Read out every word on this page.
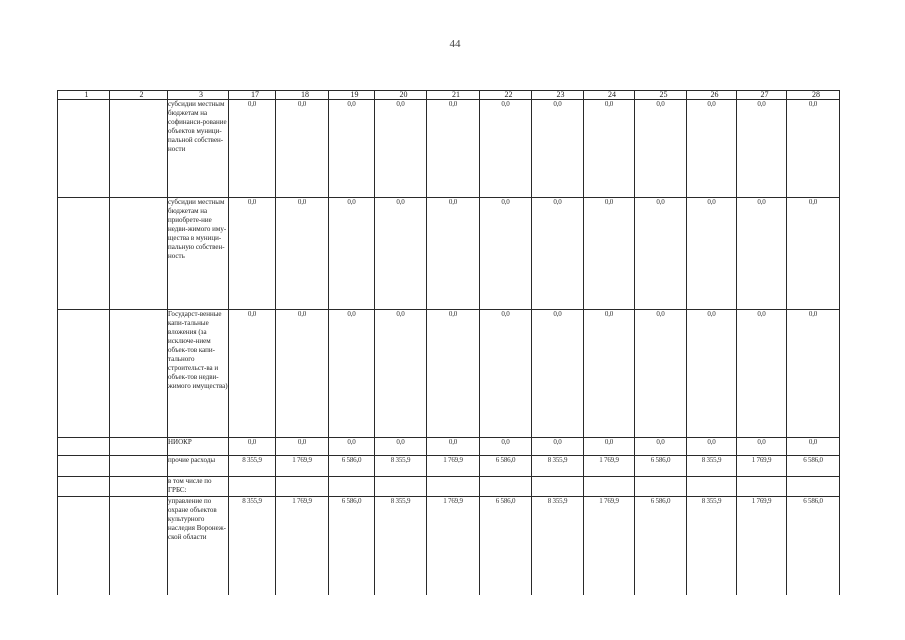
44
1	2	3	17	18	19	20	21	22	23	24	25	26	27	28
		субсидии местным бюджетам на софинанси-рование объектов муници-пальной собствен-ности	0,0	0,0	0,0	0,0	0,0	0,0	0,0	0,0	0,0	0,0	0,0	0,0
		субсидии местным бюджетам на приобрете-ние недви-жимого иму-щества в муници-пальную собствен-ность	0,0	0,0	0,0	0,0	0,0	0,0	0,0	0,0	0,0	0,0	0,0	0,0
		Государст-венные капи-тальные вложения (за исключе-нием объек-тов капи-тального строительст-ва и объек-тов недви-жимого имущества)	0,0	0,0	0,0	0,0	0,0	0,0	0,0	0,0	0,0	0,0	0,0	0,0
		НИОКР	0,0	0,0	0,0	0,0	0,0	0,0	0,0	0,0	0,0	0,0	0,0	0,0
		прочие расходы	8 355,9	1 769,9	6 586,0	8 355,9	1 769,9	6 586,0	8 355,9	1 769,9	6 586,0	8 355,9	1 769,9	6 586,0
		в том числе по ГРБС:												
		управление по охране объектов культурного наследия Воронеж-ской области	8 355,9	1 769,9	6 586,0	8 355,9	1 769,9	6 586,0	8 355,9	1 769,9	6 586,0	8 355,9	1 769,9	6 586,0
